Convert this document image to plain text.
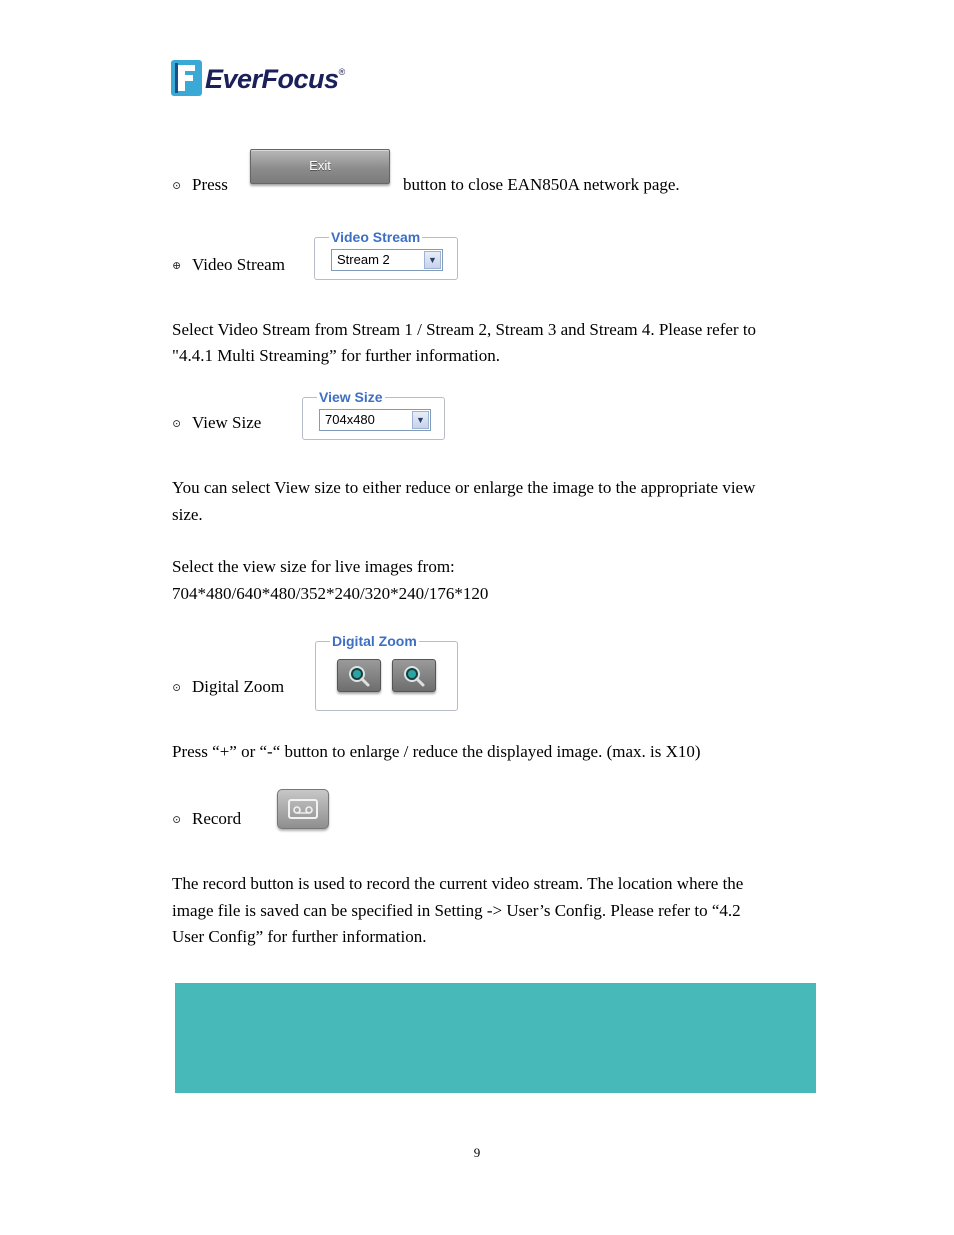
EverFocus ®
⊙ Press
Exit
button to close EAN850A network page.
⊕ Video Stream
Video Stream
Stream 2	▼
Select Video Stream from Stream 1 / Stream 2, Stream 3 and Stream 4. Please refer to
"4.4.1 Multi Streaming” for further information.
⊙ View Size
View Size
704x480	▼
You can select View size to either reduce or enlarge the image to the appropriate view
size.
Select the view size for live images from:
704*480/640*480/352*240/320*240/176*120
⊙ Digital Zoom
Digital Zoom
Press “+” or “-“ button to enlarge / reduce the displayed image. (max. is X10)
⊙ Record
The record button is used to record the current video stream. The location where the
image file is saved can be specified in Setting -> User’s Config. Please refer to “4.2
User Config” for further information.
9
